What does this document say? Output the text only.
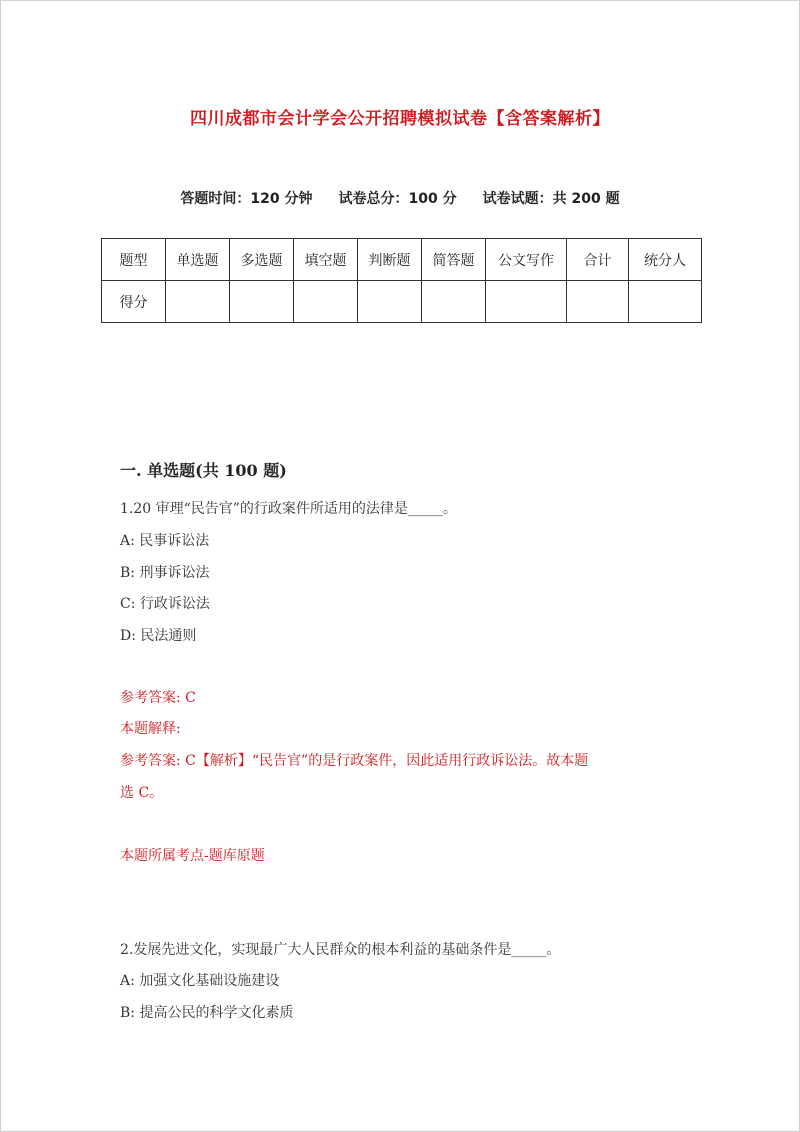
四川成都市会计学会公开招聘模拟试卷【含答案解析】
答题时间：120 分钟 试卷总分：100 分 试卷试题：共 200 题
题型	单选题	多选题	填空题	判断题	简答题	公文写作	合计	统分人
得分								
一. 单选题(共 100 题)
1.20 审理“民告官”的行政案件所适用的法律是_____。
A: 民事诉讼法
B: 刑事诉讼法
C: 行政诉讼法
D: 民法通则
参考答案: C
本题解释:
参考答案: C【解析】“民告官”的是行政案件，因此适用行政诉讼法。故本题
选 C。
本题所属考点-题库原题
2.发展先进文化，实现最广大人民群众的根本利益的基础条件是_____。
A: 加强文化基础设施建设
B: 提高公民的科学文化素质
